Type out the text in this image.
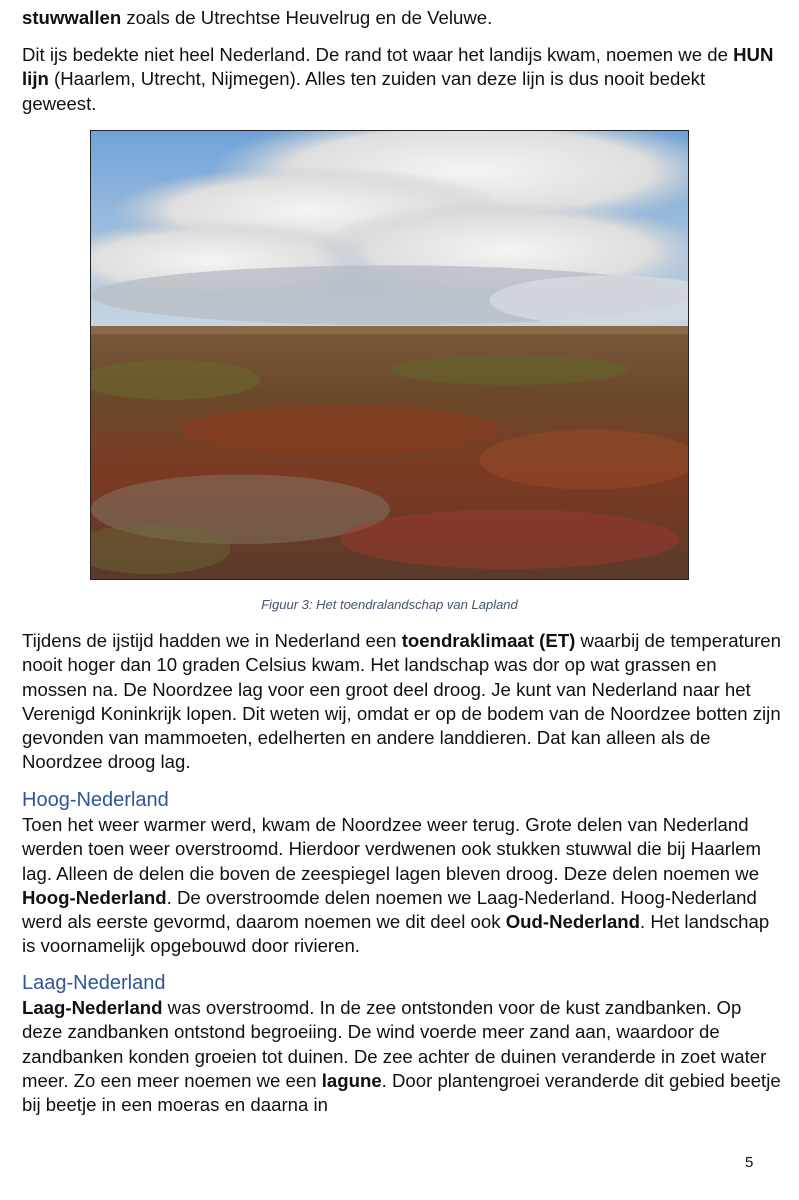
stuwwallen zoals de Utrechtse Heuvelrug en de Veluwe.

Dit ijs bedekte niet heel Nederland. De rand tot waar het landijs kwam, noemen we de HUN lijn (Haarlem, Utrecht, Nijmegen). Alles ten zuiden van deze lijn is dus nooit bedekt geweest.

Figuur 3: Het toendralandschap van Lapland

Tijdens de ijstijd hadden we in Nederland een toendraklimaat (ET) waarbij de temperaturen nooit hoger dan 10 graden Celsius kwam. Het landschap was dor op wat grassen en mossen na. De Noordzee lag voor een groot deel droog. Je kunt van Nederland naar het Verenigd Koninkrijk lopen. Dit weten wij, omdat er op de bodem van de Noordzee botten zijn gevonden van mammoeten, edelherten en andere landdieren. Dat kan alleen als de Noordzee droog lag.

Hoog-Nederland

Toen het weer warmer werd, kwam de Noordzee weer terug. Grote delen van Nederland werden toen weer overstroomd. Hierdoor verdwenen ook stukken stuwwal die bij Haarlem lag. Alleen de delen die boven de zeespiegel lagen bleven droog. Deze delen noemen we Hoog-Nederland. De overstroomde delen noemen we Laag-Nederland. Hoog-Nederland werd als eerste gevormd, daarom noemen we dit deel ook Oud-Nederland. Het landschap is voornamelijk opgebouwd door rivieren.

Laag-Nederland

Laag-Nederland was overstroomd. In de zee ontstonden voor de kust zandbanken. Op deze zandbanken ontstond begroeiing. De wind voerde meer zand aan, waardoor de zandbanken konden groeien tot duinen. De zee achter de duinen veranderde in zoet water meer. Zo een meer noemen we een lagune. Door plantengroei veranderde dit gebied beetje bij beetje in een moeras en daarna in

5
